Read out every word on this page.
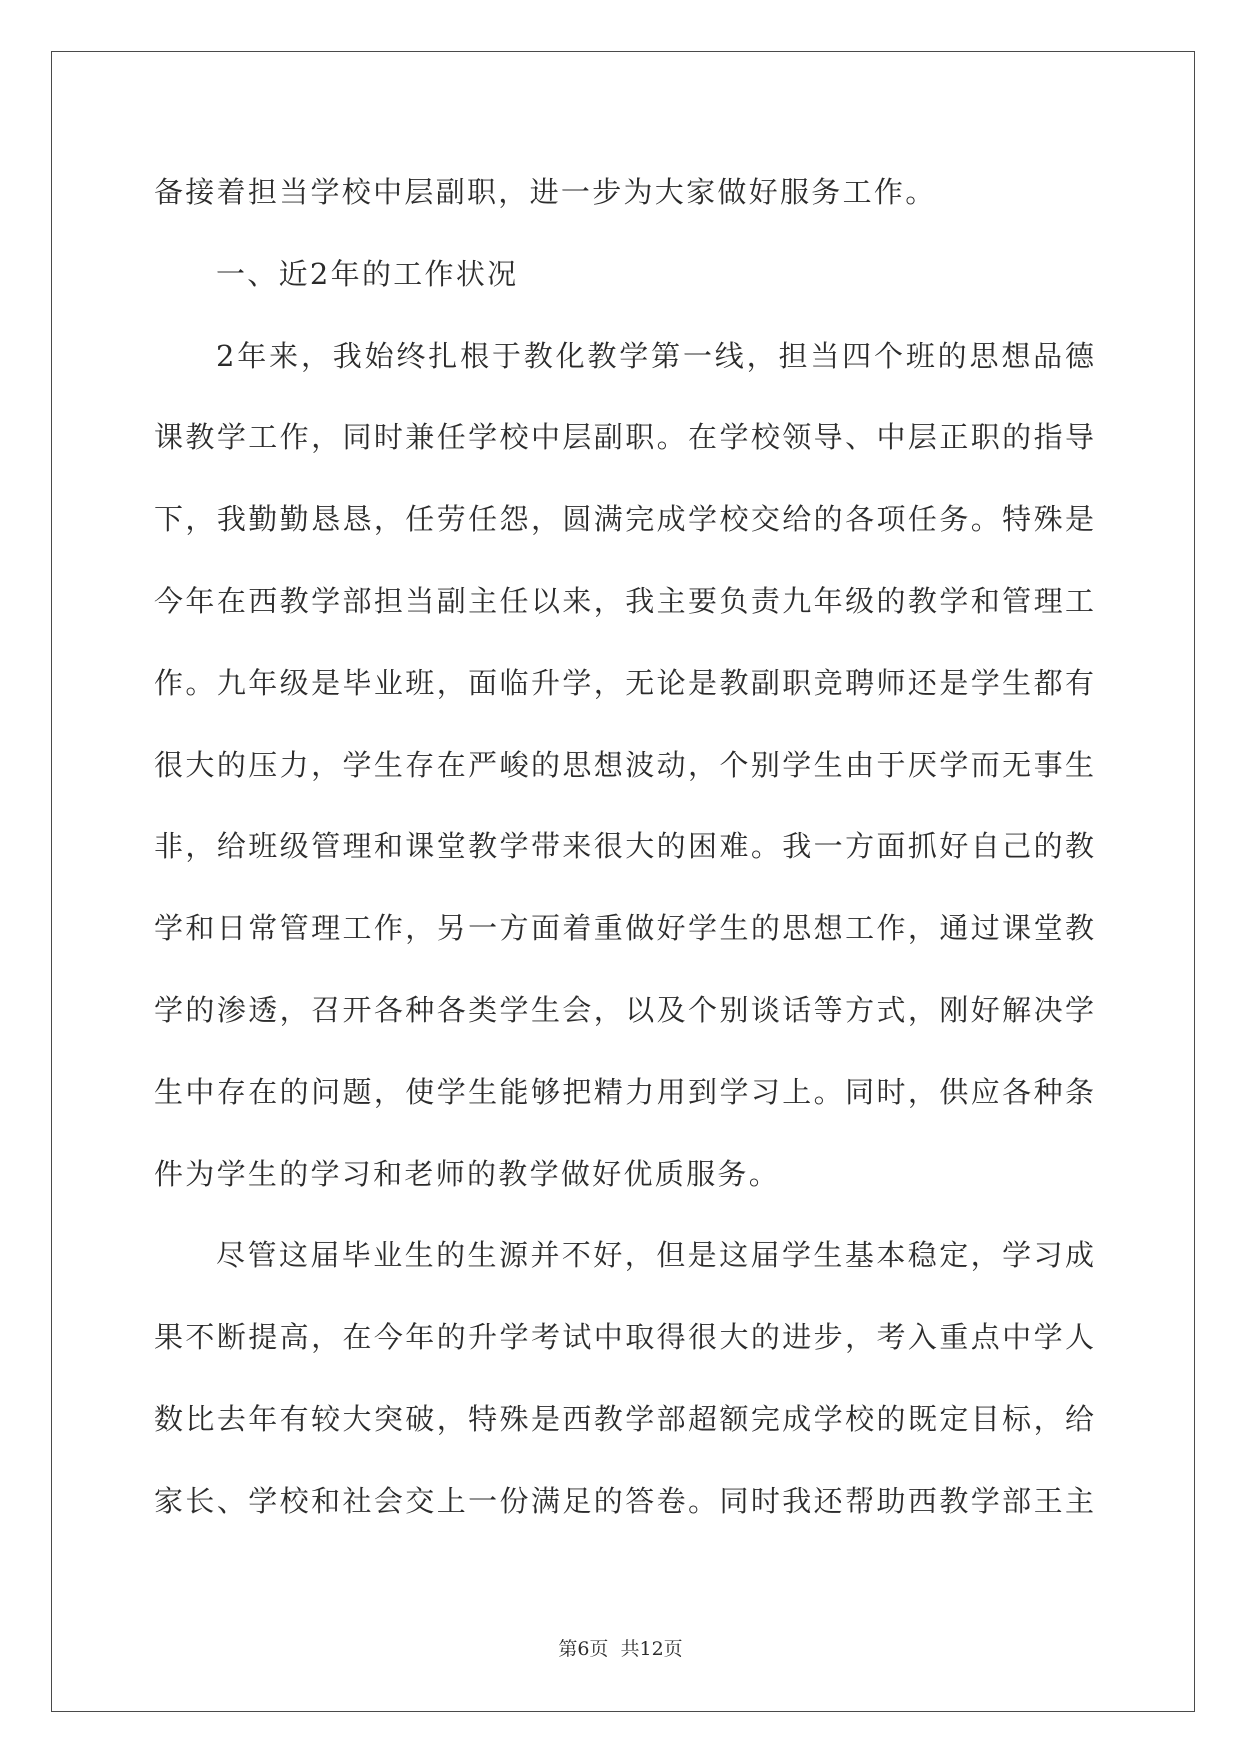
备接着担当学校中层副职，进一步为大家做好服务工作。
一、近2年的工作状况
2年来，我始终扎根于教化教学第一线，担当四个班的思想品德
课教学工作，同时兼任学校中层副职。在学校领导、中层正职的指导
下，我勤勤恳恳，任劳任怨，圆满完成学校交给的各项任务。特殊是
今年在西教学部担当副主任以来，我主要负责九年级的教学和管理工
作。九年级是毕业班，面临升学，无论是教副职竞聘师还是学生都有
很大的压力，学生存在严峻的思想波动，个别学生由于厌学而无事生
非，给班级管理和课堂教学带来很大的困难。我一方面抓好自己的教
学和日常管理工作，另一方面着重做好学生的思想工作，通过课堂教
学的渗透，召开各种各类学生会，以及个别谈话等方式，刚好解决学
生中存在的问题，使学生能够把精力用到学习上。同时，供应各种条
件为学生的学习和老师的教学做好优质服务。
尽管这届毕业生的生源并不好，但是这届学生基本稳定，学习成
果不断提高，在今年的升学考试中取得很大的进步，考入重点中学人
数比去年有较大突破，特殊是西教学部超额完成学校的既定目标，给
家长、学校和社会交上一份满足的答卷。同时我还帮助西教学部王主
第6页  共12页
